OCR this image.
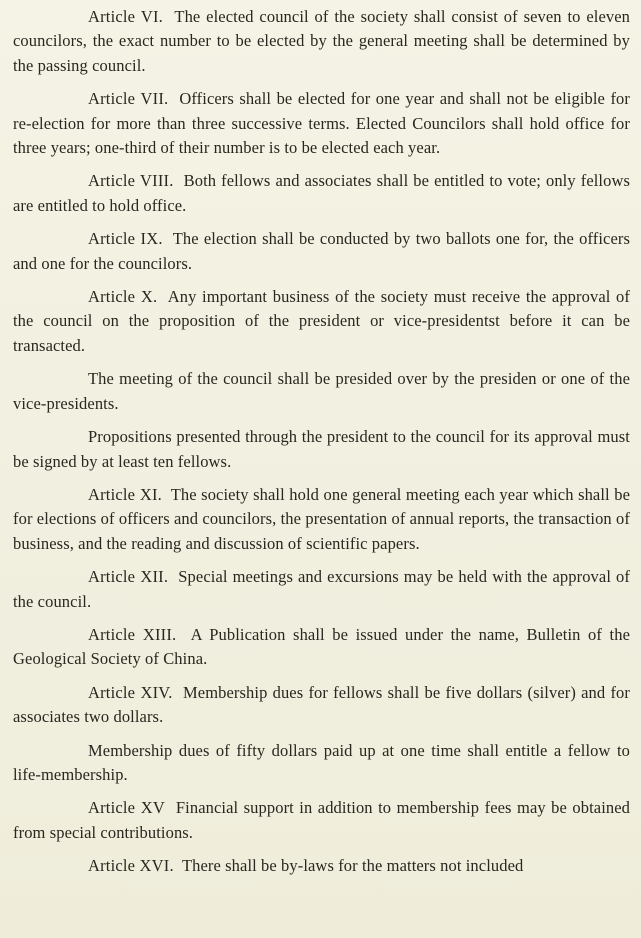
Article VI. The elected council of the society shall consist of seven to eleven councilors, the exact number to be elected by the general meeting shall be determined by the passing council.

Article VII. Officers shall be elected for one year and shall not be eligible for re-election for more than three successive terms. Elected Councilors shall hold office for three years; one-third of their number is to be elected each year.

Article VIII. Both fellows and associates shall be entitled to vote; only fellows are entitled to hold office.

Article IX. The election shall be conducted by two ballots one for, the officers and one for the councilors.

Article X. Any important business of the society must receive the approval of the council on the proposition of the president or vice-presidentst before it can be transacted.

The meeting of the council shall be presided over by the presiden or one of the vice-presidents.

Propositions presented through the president to the council for its approval must be signed by at least ten fellows.

Article XI. The society shall hold one general meeting each year which shall be for elections of officers and councilors, the presentation of annual reports, the transaction of business, and the reading and discussion of scientific papers.

Article XII. Special meetings and excursions may be held with the approval of the council.

Article XIII. A Publication shall be issued under the name, Bulletin of the Geological Society of China.

Article XIV. Membership dues for fellows shall be five dollars (silver) and for associates two dollars.

Membership dues of fifty dollars paid up at one time shall entitle a fellow to life-membership.

Article XV Financial support in addition to membership fees may be obtained from special contributions.

Article XVI. There shall be by-laws for the matters not included
